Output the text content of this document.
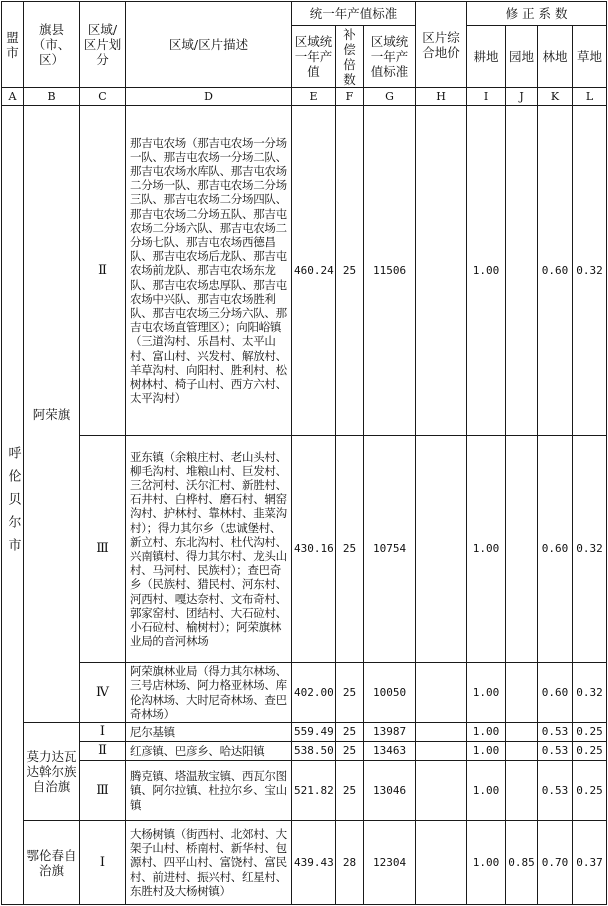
盟市	旗县（市、区）	区域/区片划分	区域/区片描述	统一年产值标准			区片综合地价	修 正 系 数			
				区域统一年产值	补偿倍数	区域统一年产值标准		耕地	园地	林地	草地
A	B	C	D	E	F	G	H	I	J	K	L
呼伦贝尔市	阿荣旗	Ⅱ	那吉屯农场（那吉屯农场一分场一队、那吉屯农场一分场二队、那吉屯农场水库队、那吉屯农场二分场一队、那吉屯农场二分场三队、那吉屯农场二分场四队、那吉屯农场二分场五队、那吉屯农场二分场六队、那吉屯农场二分场七队、那吉屯农场西德昌队、那吉屯农场后龙队、那吉屯农场前龙队、那吉屯农场东龙队、那吉屯农场忠厚队、那吉屯农场中兴队、那吉屯农场胜利队、那吉屯农场三分场六队、那吉屯农场直管理区）；向阳峪镇（三道沟村、乐昌村、太平山村、富山村、兴发村、解放村、羊草沟村、向阳村、胜利村、松树林村、椅子山村、西方六村、太平沟村）	460.24	25	11506		1.00		0.60	0.32
		Ⅲ	亚东镇（余粮庄村、老山头村、柳毛沟村、堆粮山村、巨发村、三岔河村、沃尔汇村、新胜村、石井村、白桦村、磨石村、辋窑沟村、护林村、靠林村、韭菜沟村）；得力其尔乡（忠诚堡村、新立村、东北沟村、杜代沟村、兴南镇村、得力其尔村、龙头山村、马河村、民族村）；查巴奇乡（民族村、猎民村、河东村、河西村、嘎达奈村、文布奇村、郭家窑村、团结村、大石砬村、小石砬村、榆树村）；阿荣旗林业局的音河林场	430.16	25	10754		1.00		0.60	0.32
		Ⅳ	阿荣旗林业局（得力其尔林场、三号店林场、阿力格亚林场、库伦沟林场、大时尼奇林场、查巴奇林场）	402.00	25	10050		1.00		0.60	0.32
	莫力达瓦达斡尔族自治旗	Ⅰ	尼尔基镇	559.49	25	13987		1.00		0.53	0.25
		Ⅱ	红彦镇、巴彦乡、哈达阳镇	538.50	25	13463		1.00		0.53	0.25
		Ⅲ	腾克镇、塔温敖宝镇、西瓦尔图镇、阿尔拉镇、杜拉尔乡、宝山镇	521.82	25	13046		1.00		0.53	0.25
	鄂伦春自治旗	Ⅰ	大杨树镇（街西村、北郊村、大架子山村、桥南村、新华村、包源村、四平山村、富饶村、富民村、前进村、振兴村、红星村、东胜村及大杨树镇）	439.43	28	12304		1.00	0.85	0.70	0.37
